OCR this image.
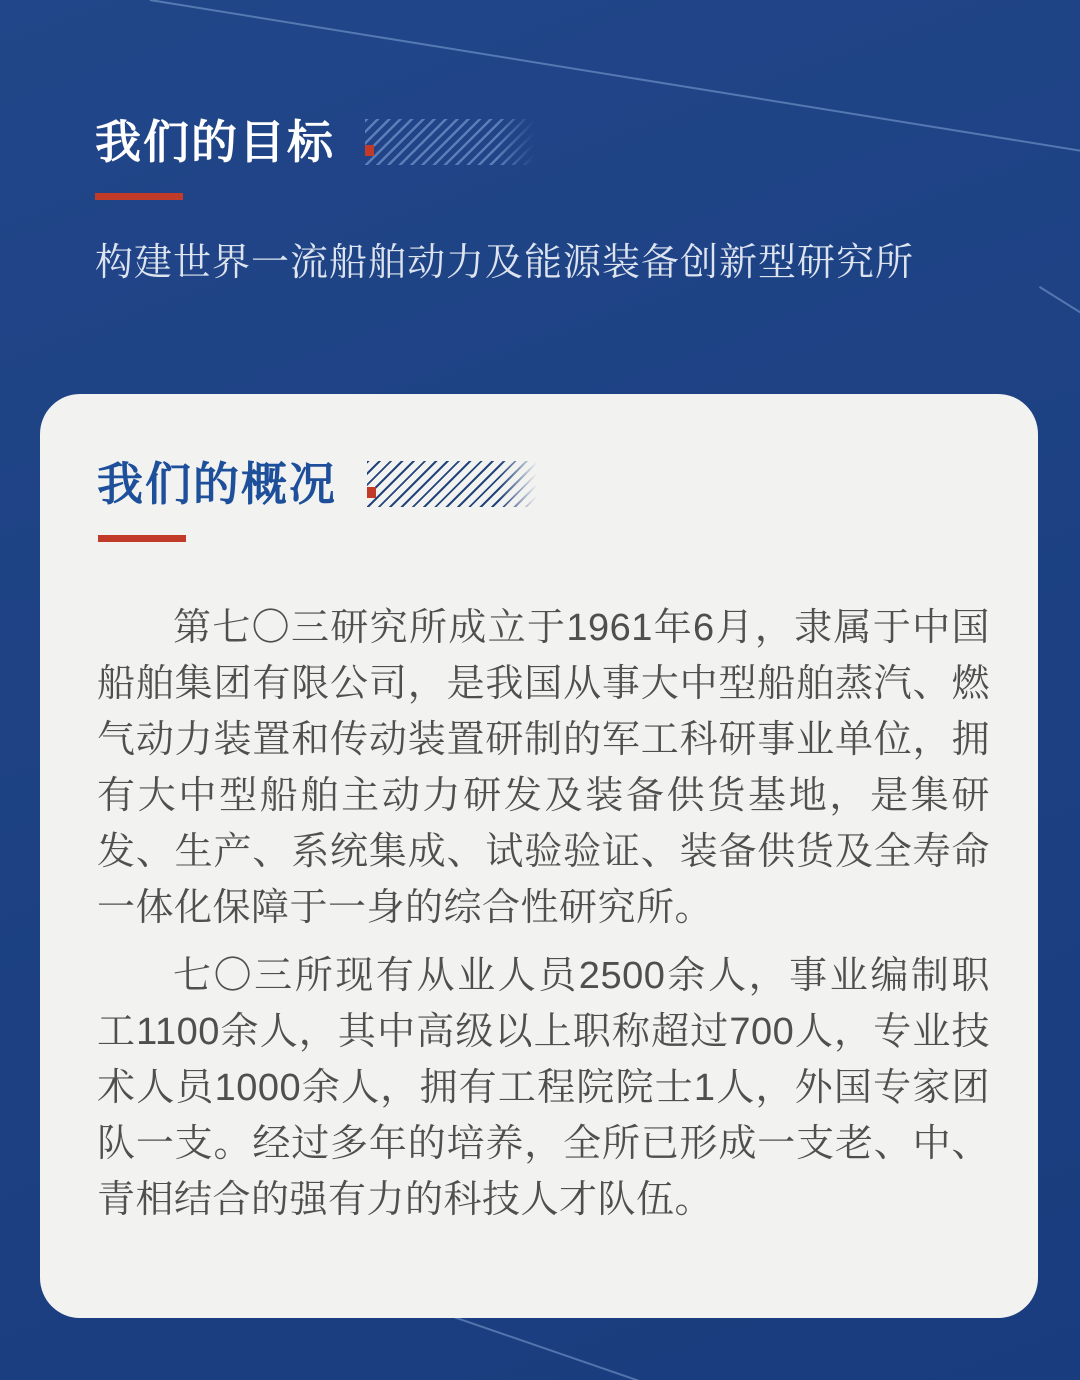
我们的目标

构建世界一流船舶动力及能源装备创新型研究所

我们的概况

第七〇三研究所成立于1961年6月，隶属于中国船舶集团有限公司，是我国从事大中型船舶蒸汽、燃气动力装置和传动装置研制的军工科研事业单位，拥有大中型船舶主动力研发及装备供货基地，是集研发、生产、系统集成、试验验证、装备供货及全寿命一体化保障于一身的综合性研究所。

七〇三所现有从业人员2500余人，事业编制职工1100余人，其中高级以上职称超过700人，专业技术人员1000余人，拥有工程院院士1人，外国专家团队一支。经过多年的培养，全所已形成一支老、中、青相结合的强有力的科技人才队伍。
